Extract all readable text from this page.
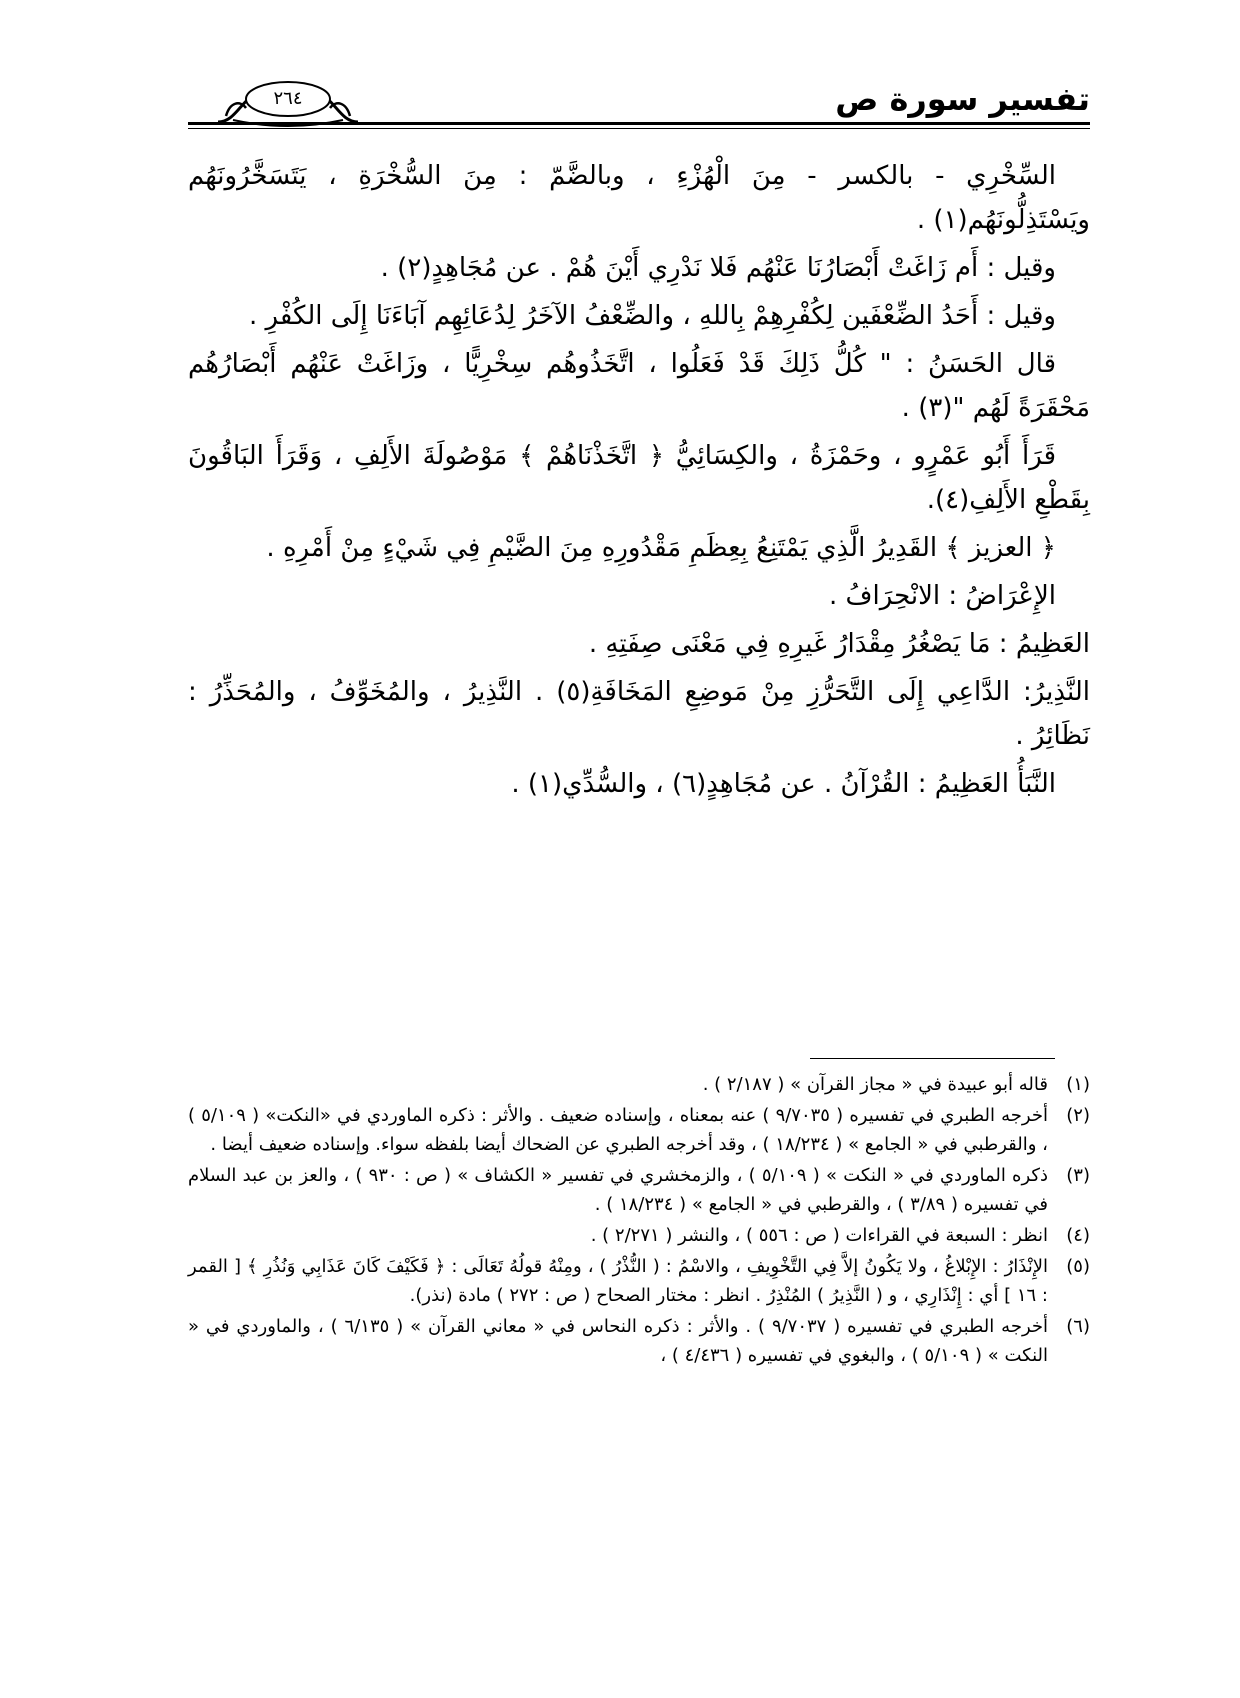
تفسير سورة ص
٢٦٤

السِّخْرِي - بالكسر - مِنَ الْهُزْءِ ، وبالضَّمّ : مِنَ السُّخْرَةِ ، يَتَسَخَّرُونَهُم ويَسْتَذِلُّونَهُم(١) .

وقيل : أَم زَاغَتْ أَبْصَارُنَا عَنْهُم فَلا نَدْرِي أَيْنَ هُمْ . عن مُجَاهِدٍ(٢) .

وقيل : أَحَدُ الضِّعْفَين لِكُفْرِهِمْ بِاللهِ ، والضِّعْفُ الآخَرُ لِدُعَائِهِم آبَاءَنَا إِلَى الكُفْرِ .

قال الحَسَنُ : " كُلُّ ذَلِكَ قَدْ فَعَلُوا ، اتَّخَذُوهُم سِخْرِيًّا ، وزَاغَتْ عَنْهُم أَبْصَارُهُم مَحْقَرَةً لَهُم "(٣) .

قَرَأَ أَبُو عَمْرٍو ، وحَمْزَةُ ، والكِسَائِيُّ ﴿ اتَّخَذْنَاهُمْ ﴾ مَوْصُولَةَ الأَلِفِ ، وَقَرَأَ البَاقُونَ بِقَطْعِ الأَلِفِ(٤).

﴿ العزيز ﴾ القَدِيرُ الَّذِي يَمْتَنِعُ بِعِظَمِ مَقْدُورِهِ مِنَ الضَّيْمِ فِي شَيْءٍ مِنْ أَمْرِهِ .

الإِعْرَاضُ : الانْحِرَافُ .

العَظِيمُ : مَا يَصْغُرُ مِقْدَارُ غَيرِهِ فِي مَعْنَى صِفَتِهِ .

النَّذِيرُ: الدَّاعِي إِلَى التَّحَرُّزِ مِنْ مَوضِعِ المَخَافَةِ(٥) . النَّذِيرُ ، والمُخَوِّفُ ، والمُحَذِّرُ : نَظَائِرُ .

النَّبَأُ العَظِيمُ : القُرْآنُ . عن مُجَاهِدٍ(٦) ، والسُّدِّي(١) .

(١)
قاله أبو عبيدة في « مجاز القرآن » ( ٢/١٨٧ ) .
(٢)
أخرجه الطبري في تفسيره ( ٩/٧٠٣٥ ) عنه بمعناه ، وإسناده ضعيف . والأثر : ذكره الماوردي في «النكت» ( ٥/١٠٩ ) ، والقرطبي في « الجامع » ( ١٨/٢٣٤ ) ، وقد أخرجه الطبري عن الضحاك أيضا بلفظه سواء. وإسناده ضعيف أيضا .
(٣)
ذكره الماوردي في « النكت » ( ٥/١٠٩ ) ، والزمخشري في تفسير « الكشاف » ( ص : ٩٣٠ ) ، والعز بن عبد السلام في تفسيره ( ٣/٨٩ ) ، والقرطبي في « الجامع » ( ١٨/٢٣٤ ) .
(٤)
انظر : السبعة في القراءات ( ص : ٥٥٦ ) ، والنشر ( ٢/٢٧١ ) .
(٥)
الإِنْذَارُ : الإِبْلاغُ ، ولا يَكُونُ إلاَّ فِي التَّخْوِيفِ ، والاسْمُ : ( النُّذْرُ ) ، ومِنْهُ قولُهُ تَعَالَى : ﴿ فَكَيْفَ كَانَ عَذَابِي وَنُذُرِ ﴾ [ القمر : ١٦ ] أي : إِنْذَارِي ، و ( النَّذِيرُ ) المُنْذِرُ . انظر : مختار الصحاح ( ص : ٢٧٢ ) مادة (نذر).
(٦)
أخرجه الطبري في تفسيره ( ٩/٧٠٣٧ ) . والأثر : ذكره النحاس في « معاني القرآن » ( ٦/١٣٥ ) ، والماوردي في « النكت » ( ٥/١٠٩ ) ، والبغوي في تفسيره ( ٤/٤٣٦ ) ،
